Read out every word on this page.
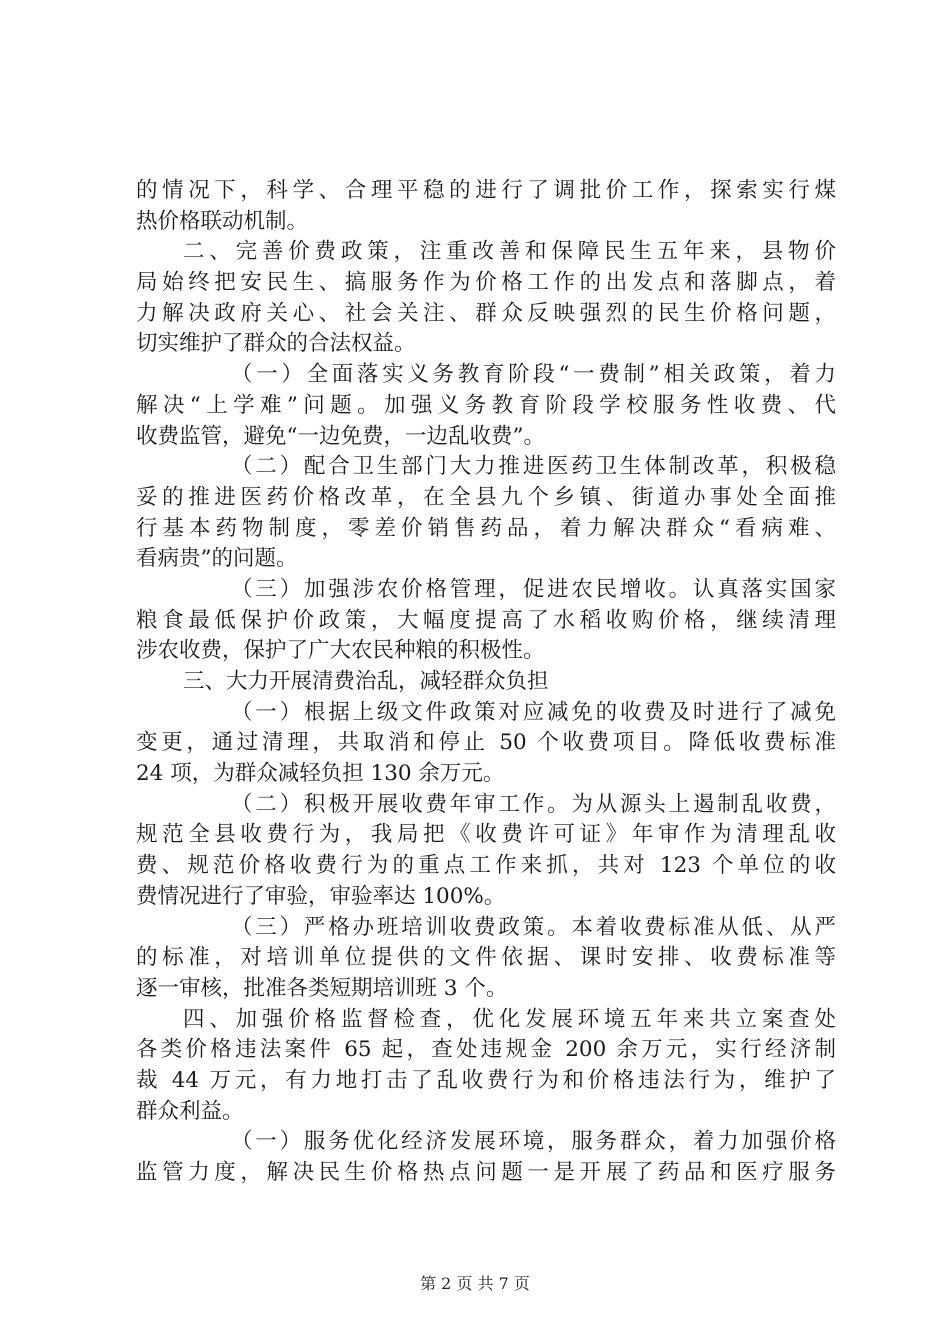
的情况下，科学、合理平稳的进行了调批价工作，探索实行煤
热价格联动机制。
二、完善价费政策，注重改善和保障民生五年来，县物价
局始终把安民生、搞服务作为价格工作的出发点和落脚点，着
力解决政府关心、社会关注、群众反映强烈的民生价格问题，
切实维护了群众的合法权益。
（一）全面落实义务教育阶段“一费制”相关政策，着力
解决“上学难”问题。加强义务教育阶段学校服务性收费、代
收费监管，避免“一边免费，一边乱收费”。
（二）配合卫生部门大力推进医药卫生体制改革，积极稳
妥的推进医药价格改革，在全县九个乡镇、街道办事处全面推
行基本药物制度，零差价销售药品，着力解决群众“看病难、
看病贵”的问题。
（三）加强涉农价格管理，促进农民增收。认真落实国家
粮食最低保护价政策，大幅度提高了水稻收购价格，继续清理
涉农收费，保护了广大农民种粮的积极性。
三、大力开展清费治乱，减轻群众负担
（一）根据上级文件政策对应减免的收费及时进行了减免
变更，通过清理，共取消和停止 50 个收费项目。降低收费标准
24 项，为群众减轻负担 130 余万元。
（二）积极开展收费年审工作。为从源头上遏制乱收费，
规范全县收费行为，我局把《收费许可证》年审作为清理乱收
费、规范价格收费行为的重点工作来抓，共对 123 个单位的收
费情况进行了审验，审验率达 100%。
（三）严格办班培训收费政策。本着收费标准从低、从严
的标准，对培训单位提供的文件依据、课时安排、收费标准等
逐一审核，批准各类短期培训班 3 个。
四、加强价格监督检查，优化发展环境五年来共立案查处
各类价格违法案件 65 起，查处违规金 200 余万元，实行经济制
裁 44 万元，有力地打击了乱收费行为和价格违法行为，维护了
群众利益。
（一）服务优化经济发展环境，服务群众，着力加强价格
监管力度，解决民生价格热点问题一是开展了药品和医疗服务
第 2 页 共 7 页
